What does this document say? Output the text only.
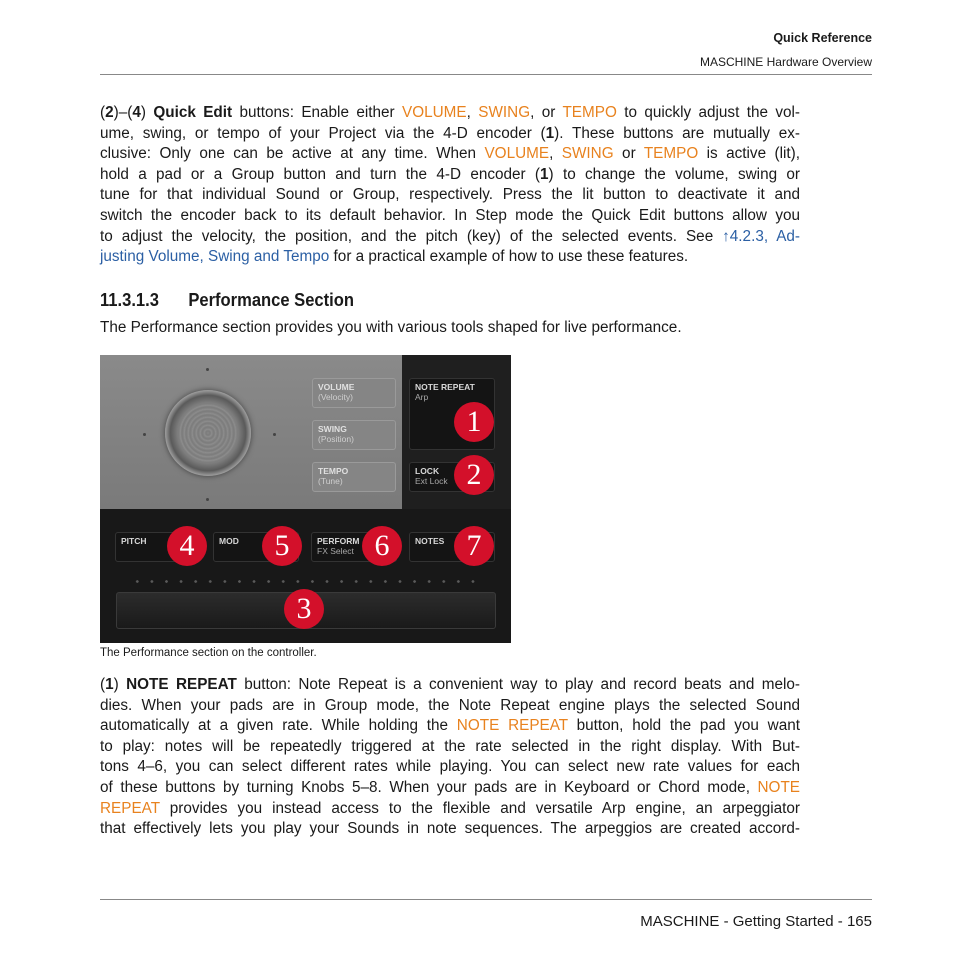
Quick Reference
MASCHINE Hardware Overview
(2)–(4) Quick Edit buttons: Enable either VOLUME, SWING, or TEMPO to quickly adjust the vol-
ume, swing, or tempo of your Project via the 4-D encoder (1). These buttons are mutually ex-
clusive: Only one can be active at any time. When VOLUME, SWING or TEMPO is active (lit),
hold a pad or a Group button and turn the 4-D encoder (1) to change the volume, swing or
tune for that individual Sound or Group, respectively. Press the lit button to deactivate it and
switch the encoder back to its default behavior. In Step mode the Quick Edit buttons allow you
to adjust the velocity, the position, and the pitch (key) of the selected events. See ↑4.2.3, Ad-
justing Volume, Swing and Tempo for a practical example of how to use these features.
11.3.1.3 Performance Section
The Performance section provides you with various tools shaped for live performance.
VOLUME
(Velocity)
SWING
(Position)
TEMPO
(Tune)
NOTE REPEAT
Arp
LOCK
Ext Lock
PITCH	MOD	PERFORM
FX Select
NOTES
1
2
3
4	5	6	7
The Performance section on the controller.
(1) NOTE REPEAT button: Note Repeat is a convenient way to play and record beats and melo-
dies. When your pads are in Group mode, the Note Repeat engine plays the selected Sound
automatically at a given rate. While holding the NOTE REPEAT button, hold the pad you want
to play: notes will be repeatedly triggered at the rate selected in the right display. With But-
tons 4–6, you can select different rates while playing. You can select new rate values for each
of these buttons by turning Knobs 5–8. When your pads are in Keyboard or Chord mode, NOTE
REPEAT provides you instead access to the flexible and versatile Arp engine, an arpeggiator
that effectively lets you play your Sounds in note sequences. The arpeggios are created accord-
MASCHINE - Getting Started - 165
